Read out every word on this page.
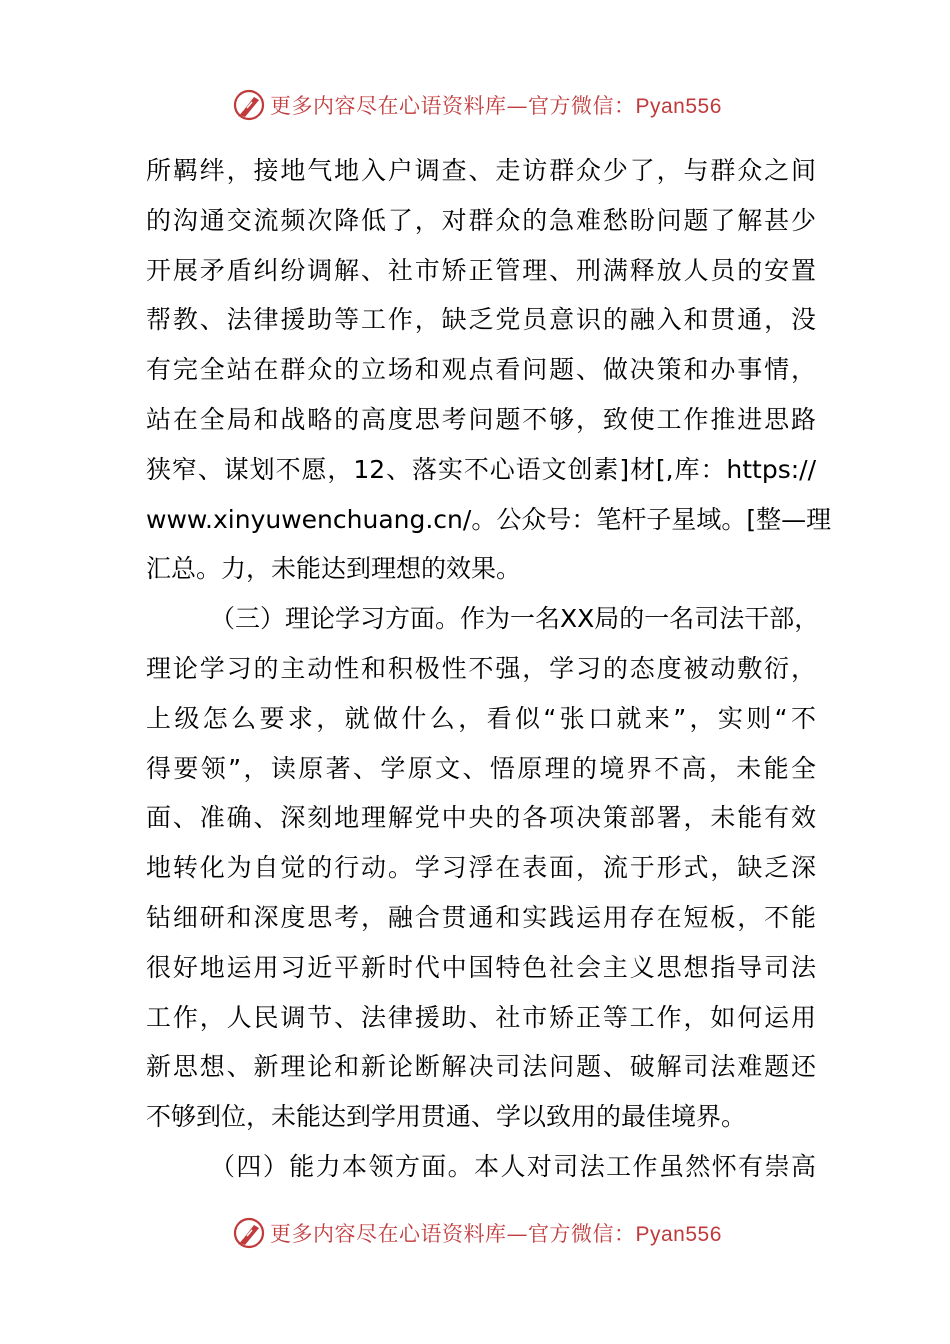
更多内容尽在心语资料库—官方微信：Pyan556
所羁绊，接地气地入户调查、走访群众少了，与群众之间
的沟通交流频次降低了，对群众的急难愁盼问题了解甚少
开展矛盾纠纷调解、社市矫正管理、刑满释放人员的安置
帮教、法律援助等工作，缺乏党员意识的融入和贯通，没
有完全站在群众的立场和观点看问题、做决策和办事情，
站在全局和战略的高度思考问题不够，致使工作推进思路
狭窄、谋划不愿，12、落实不心语文创素]材[,库：https://
www.xinyuwenchuang.cn/。公众号：笔杆子星域。[整—理
汇总。力，未能达到理想的效果。
（三）理论学习方面。作为一名XX局的一名司法干部，
理论学习的主动性和积极性不强，学习的态度被动敷衍，
上级怎么要求，就做什么，看似“张口就来”，实则“不
得要领”，读原著、学原文、悟原理的境界不高，未能全
面、准确、深刻地理解党中央的各项决策部署，未能有效
地转化为自觉的行动。学习浮在表面，流于形式，缺乏深
钻细研和深度思考，融合贯通和实践运用存在短板，不能
很好地运用习近平新时代中国特色社会主义思想指导司法
工作，人民调节、法律援助、社市矫正等工作，如何运用
新思想、新理论和新论断解决司法问题、破解司法难题还
不够到位，未能达到学用贯通、学以致用的最佳境界。
（四）能力本领方面。本人对司法工作虽然怀有崇高
更多内容尽在心语资料库—官方微信：Pyan556
